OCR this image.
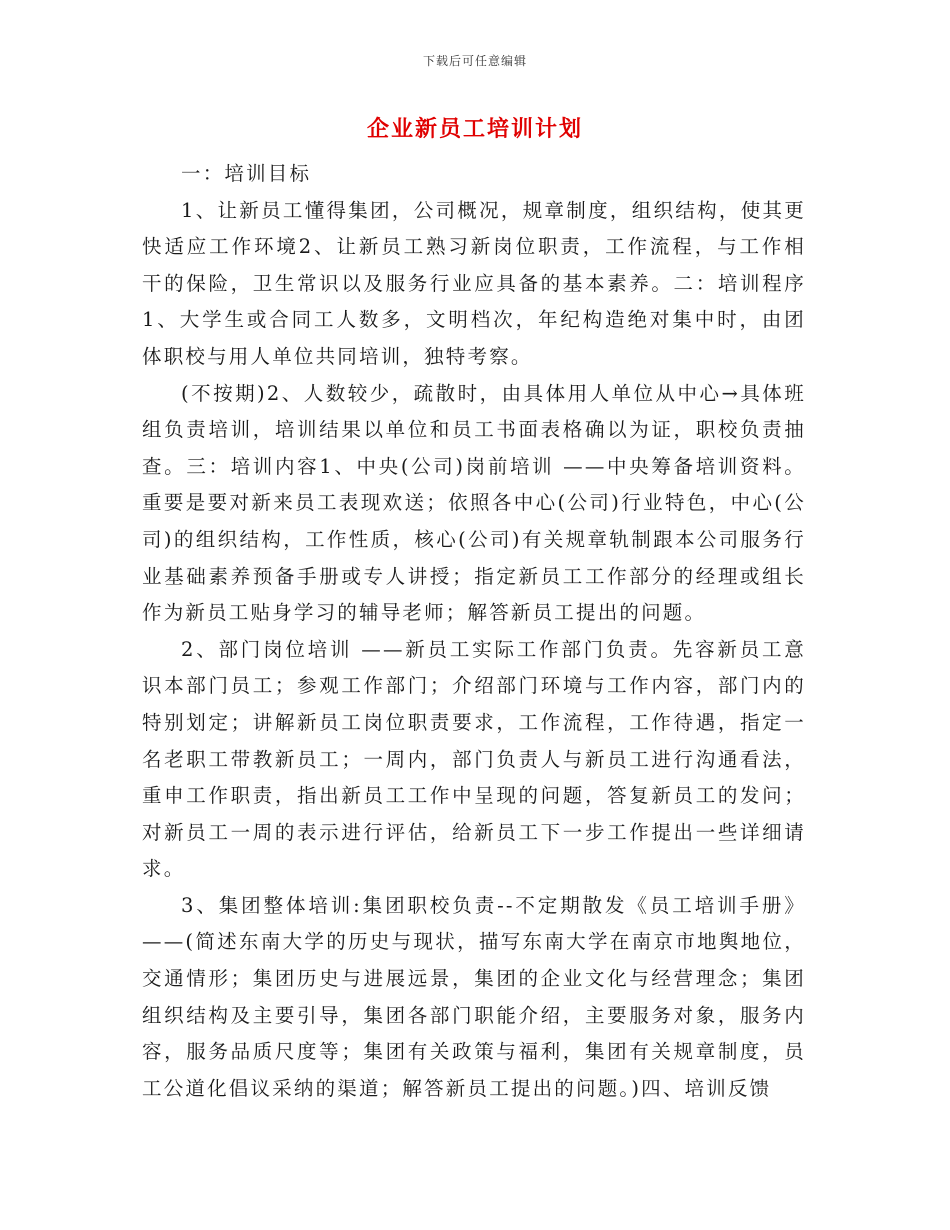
下载后可任意编辑
企业新员工培训计划

一：培训目标

1、让新员工懂得集团，公司概况，规章制度，组织结构，使其更快适应工作环境2、让新员工熟习新岗位职责，工作流程，与工作相干的保险，卫生常识以及服务行业应具备的基本素养。二：培训程序1、大学生或合同工人数多，文明档次，年纪构造绝对集中时，由团体职校与用人单位共同培训，独特考察。

(不按期)2、人数较少，疏散时，由具体用人单位从中心→具体班组负责培训，培训结果以单位和员工书面表格确以为证，职校负责抽查。三：培训内容1、中央(公司)岗前培训 ——中央筹备培训资料。重要是要对新来员工表现欢送；依照各中心(公司)行业特色，中心(公司)的组织结构，工作性质，核心(公司)有关规章轨制跟本公司服务行业基础素养预备手册或专人讲授；指定新员工工作部分的经理或组长作为新员工贴身学习的辅导老师；解答新员工提出的问题。

2、部门岗位培训 ——新员工实际工作部门负责。先容新员工意识本部门员工；参观工作部门；介绍部门环境与工作内容，部门内的特别划定；讲解新员工岗位职责要求，工作流程，工作待遇，指定一名老职工带教新员工；一周内，部门负责人与新员工进行沟通看法，重申工作职责，指出新员工工作中呈现的问题，答复新员工的发问；对新员工一周的表示进行评估，给新员工下一步工作提出一些详细请求。

3、集团整体培训:集团职校负责--不定期散发《员工培训手册》——(简述东南大学的历史与现状，描写东南大学在南京市地舆地位，交通情形；集团历史与进展远景，集团的企业文化与经营理念；集团组织结构及主要引导，集团各部门职能介绍，主要服务对象，服务内容，服务品质尺度等；集团有关政策与福利，集团有关规章制度，员工公道化倡议采纳的渠道；解答新员工提出的问题。)四、培训反馈
